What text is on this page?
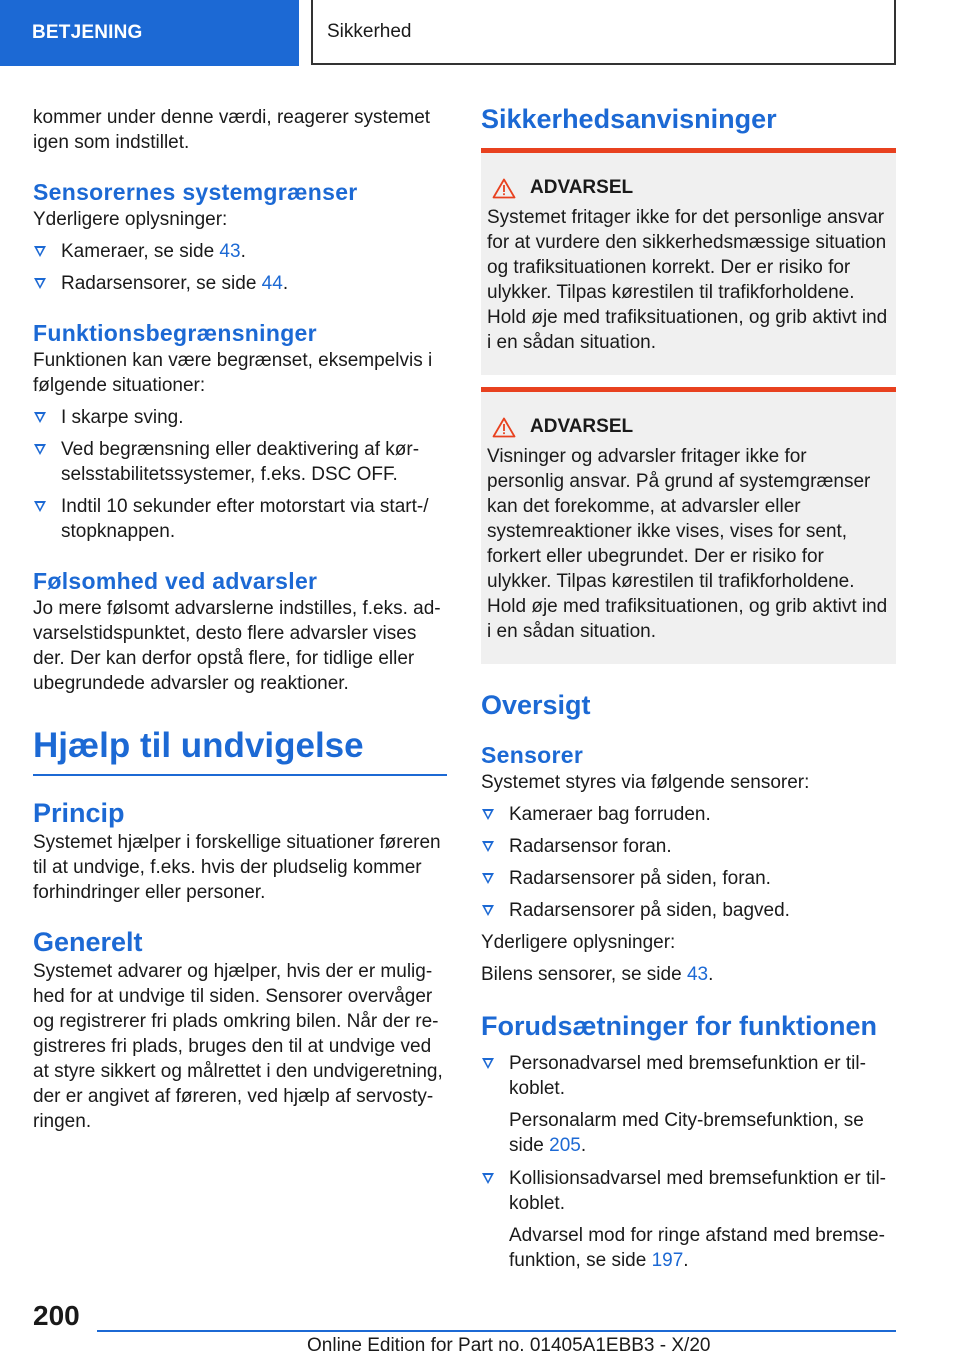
BETJENING	Sikkerhed

kommer under denne værdi, reagerer systemet igen som indstillet.

Sensorernes systemgrænser

Yderligere oplysninger:

Kameraer, se side 43.
Radarsensorer, se side 44.
Funktionsbegrænsninger

Funktionen kan være begrænset, eksempelvis i følgende situationer:

I skarpe sving.
Ved begrænsning eller deaktivering af kørselsstabilitetssystemer, f.eks. DSC OFF.
Indtil 10 sekunder efter motorstart via start-/ stopknappen.
Følsomhed ved advarsler

Jo mere følsomt advarslerne indstilles, f.eks. advarselstidspunktet, desto flere advarsler vises der. Der kan derfor opstå flere, for tidlige eller ubegrundede advarsler og reaktioner.

Hjælp til undvigelse
Princip

Systemet hjælper i forskellige situationer føreren til at undvige, f.eks. hvis der pludselig kommer forhindringer eller personer.

Generelt

Systemet advarer og hjælper, hvis der er mulighed for at undvige til siden. Sensorer overvåger og registrerer fri plads omkring bilen. Når der registreres fri plads, bruges den til at undvige ved at styre sikkert og målrettet i den undvigeretning, der er angivet af føreren, ved hjælp af servostyringen.

Sikkerhedsanvisninger
ADVARSEL

Systemet fritager ikke for det personlige ansvar for at vurdere den sikkerhedsmæssige situation og trafiksituationen korrekt. Der er risiko for ulykker. Tilpas kørestilen til trafikforholdene. Hold øje med trafiksituationen, og grib aktivt ind i en sådan situation.

ADVARSEL

Visninger og advarsler fritager ikke for personlig ansvar. På grund af systemgrænser kan det forekomme, at advarsler eller systemreaktioner ikke vises, vises for sent, forkert eller ubegrundet. Der er risiko for ulykker. Tilpas kørestilen til trafikforholdene. Hold øje med trafiksituationen, og grib aktivt ind i en sådan situation.

Oversigt
Sensorer

Systemet styres via følgende sensorer:

Kameraer bag forruden.
Radarsensor foran.
Radarsensorer på siden, foran.
Radarsensorer på siden, bagved.

Yderligere oplysninger:

Bilens sensorer, se side 43.

Forudsætninger for funktionen
Personadvarsel med bremsefunktion er tilkoblet.
Personalarm med City-bremsefunktion, se side 205.
Kollisionsadvarsel med bremsefunktion er tilkoblet.
Advarsel mod for ringe afstand med bremsefunktion, se side 197.
200
Online Edition for Part no. 01405A1EBB3 - X/20
